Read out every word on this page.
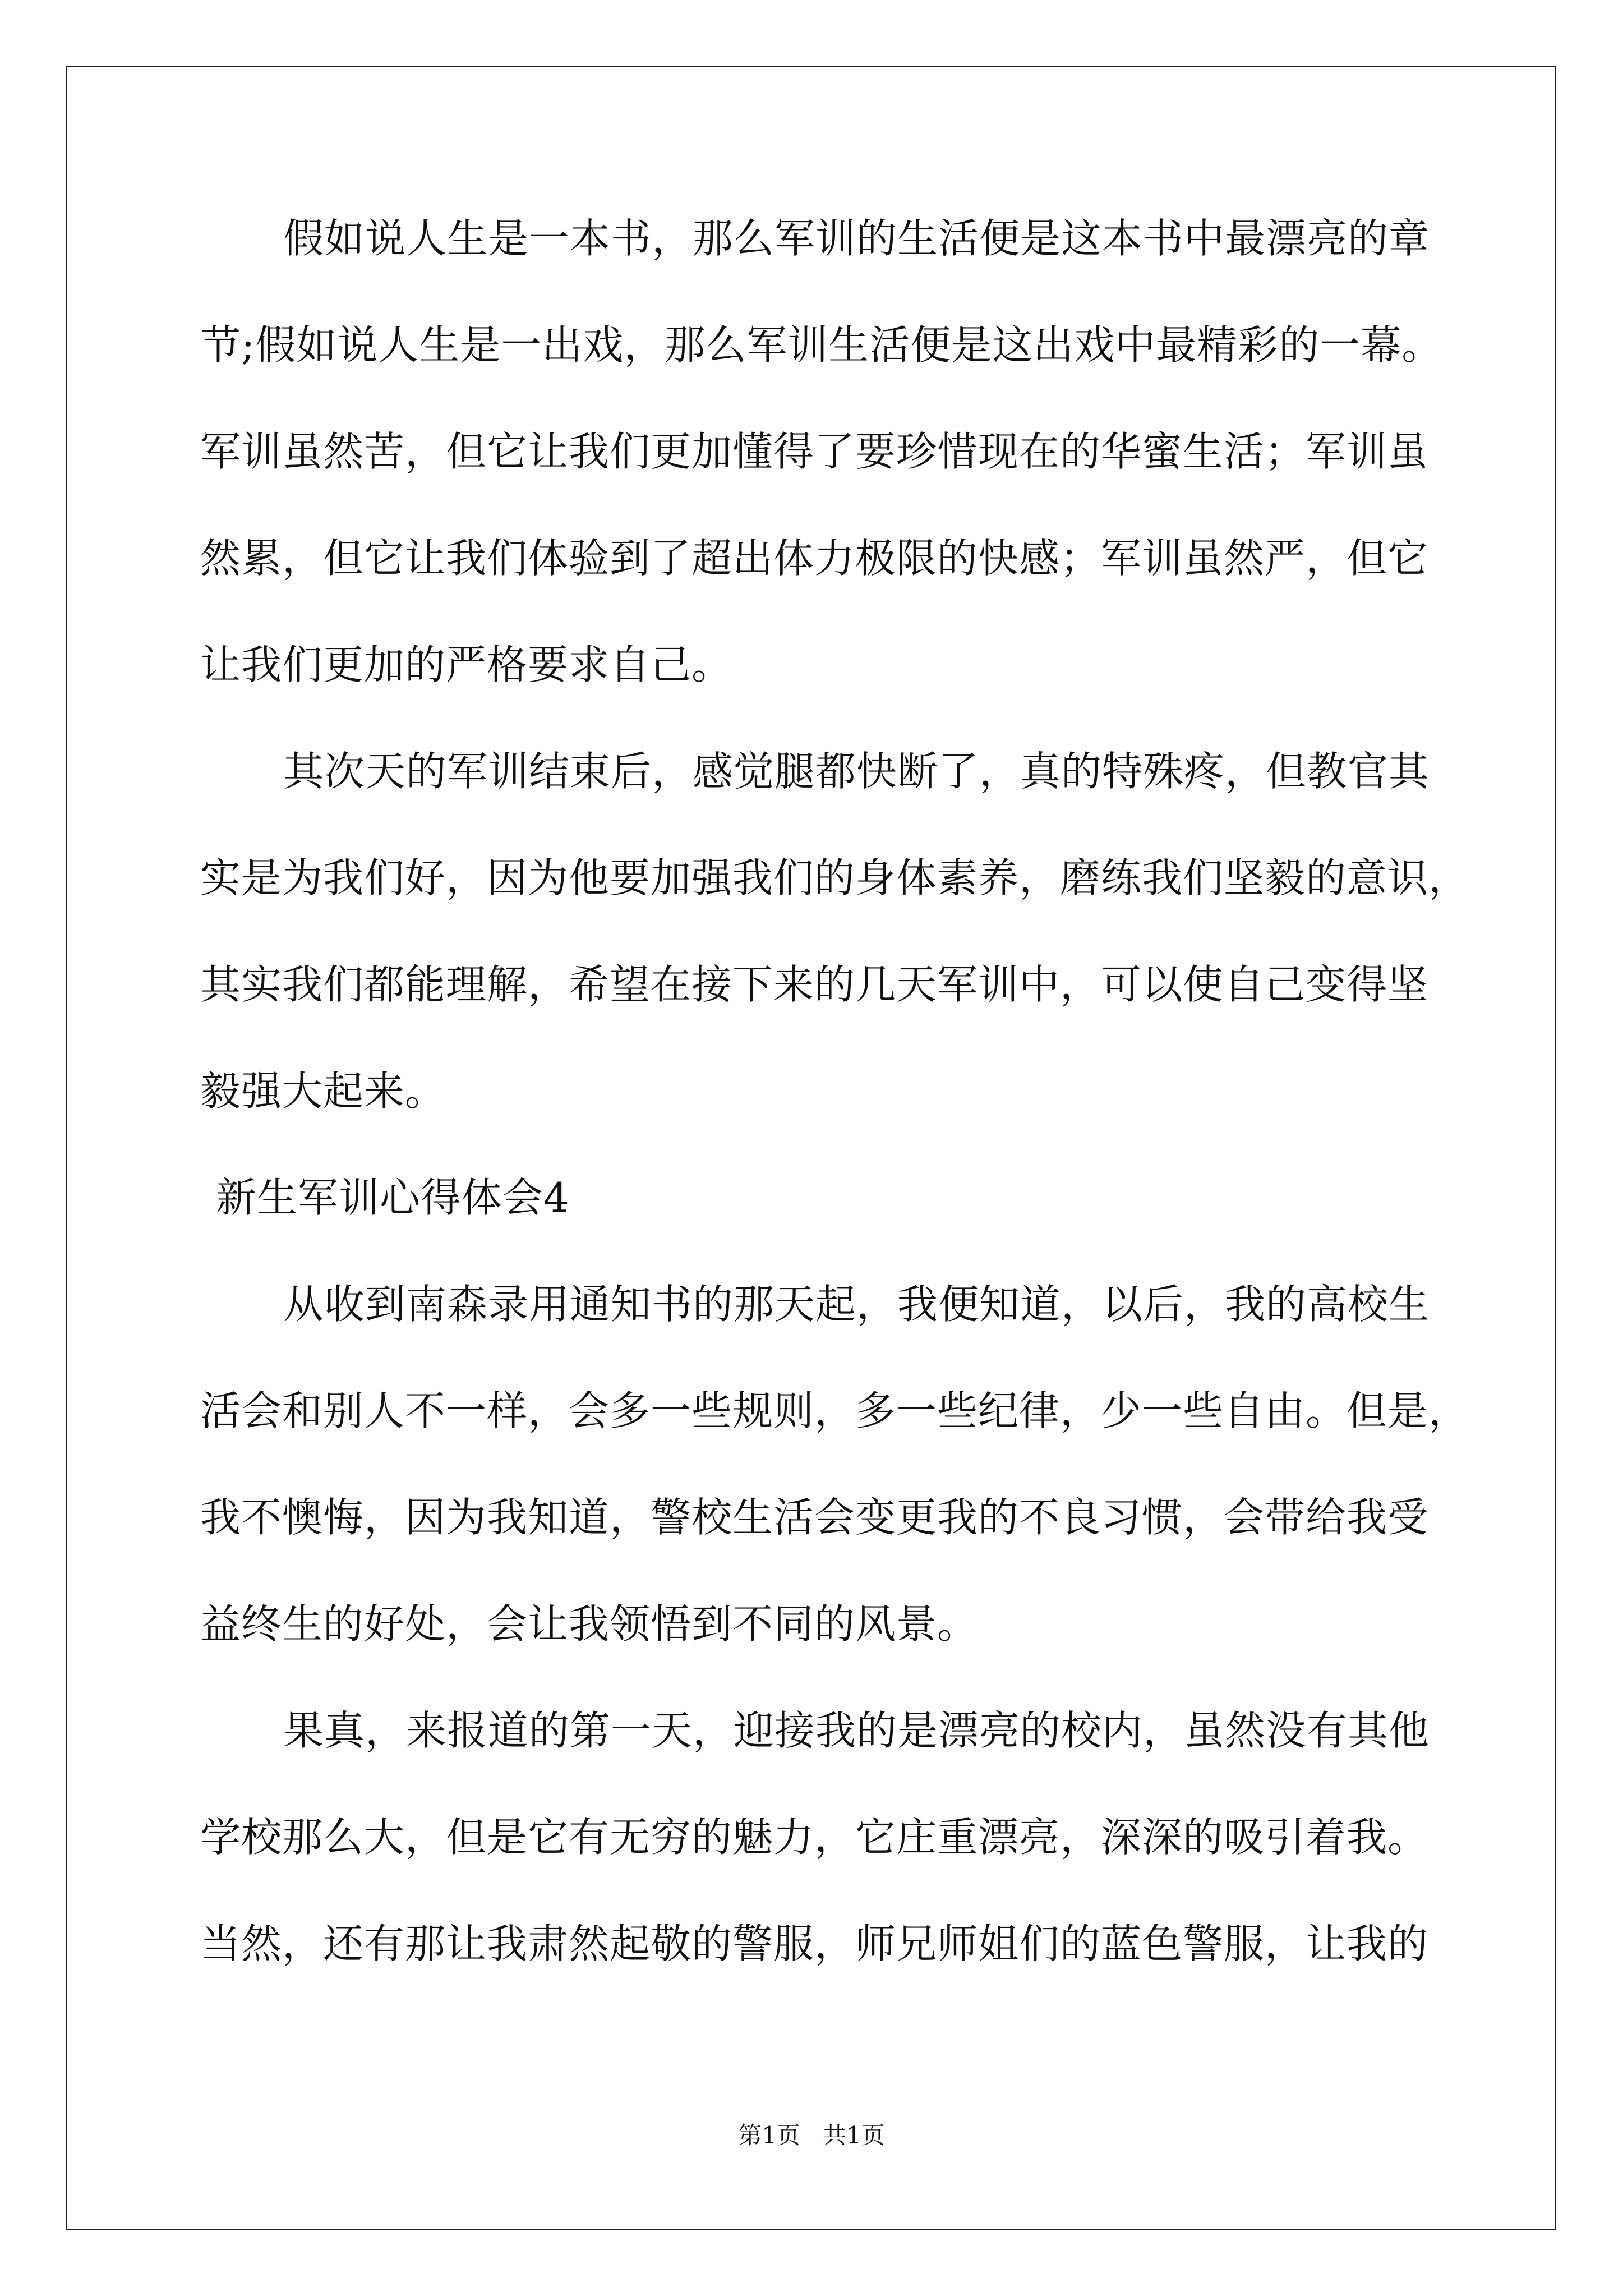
假如说人生是一本书，那么军训的生活便是这本书中最漂亮的章
节;假如说人生是一出戏，那么军训生活便是这出戏中最精彩的一幕。
军训虽然苦，但它让我们更加懂得了要珍惜现在的华蜜生活；军训虽
然累，但它让我们体验到了超出体力极限的快感；军训虽然严，但它
让我们更加的严格要求自己。
其次天的军训结束后，感觉腿都快断了，真的特殊疼，但教官其
实是为我们好，因为他要加强我们的身体素养，磨练我们坚毅的意识，
其实我们都能理解，希望在接下来的几天军训中，可以使自己变得坚
毅强大起来。
新生军训心得体会4
从收到南森录用通知书的那天起，我便知道，以后，我的高校生
活会和别人不一样，会多一些规则，多一些纪律，少一些自由。但是，
我不懊悔，因为我知道，警校生活会变更我的不良习惯，会带给我受
益终生的好处，会让我领悟到不同的风景。
果真，来报道的第一天，迎接我的是漂亮的校内，虽然没有其他
学校那么大，但是它有无穷的魅力，它庄重漂亮，深深的吸引着我。
当然，还有那让我肃然起敬的警服，师兄师姐们的蓝色警服，让我的
第1页   共1页
